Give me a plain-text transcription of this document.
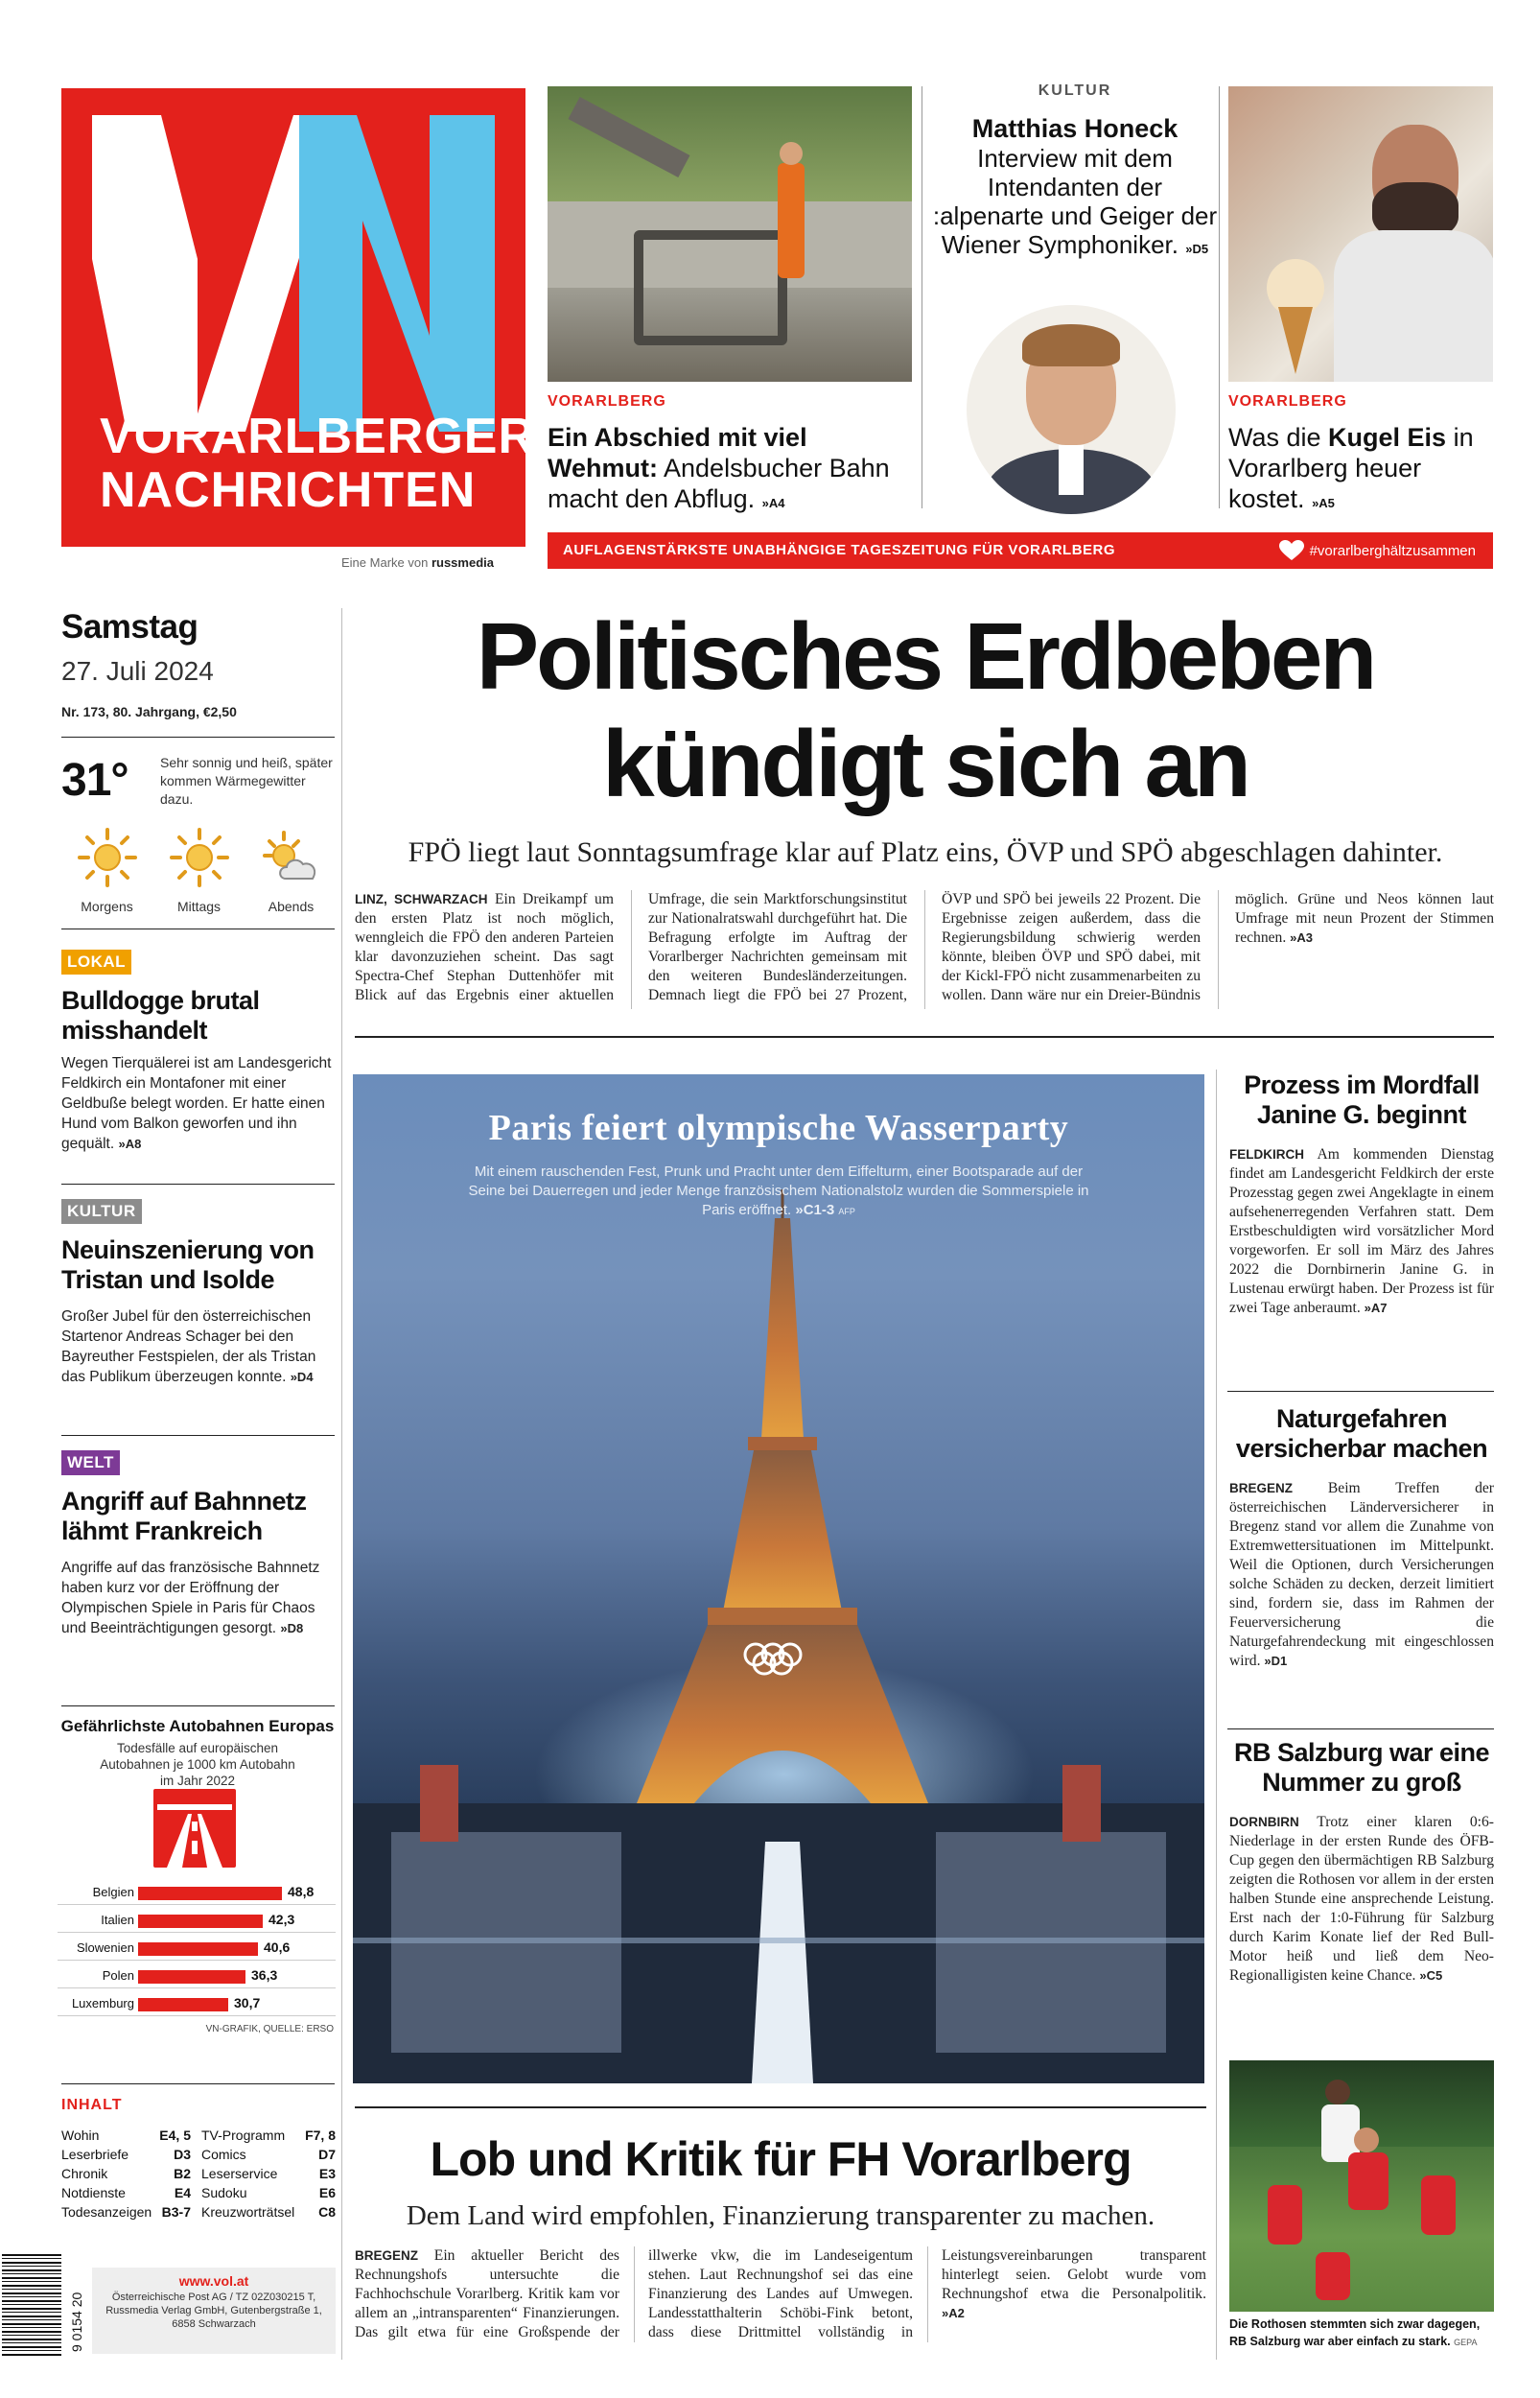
VORARLBERGER
NACHRICHTEN
Eine Marke von russmedia
VORARLBERG
Ein Abschied mit viel Wehmut: Andelsbucher Bahn macht den Abflug. »A4
KULTUR
Matthias Honeck
Interview mit dem Intendanten der :alpenarte und Geiger der Wiener Symphoniker. »D5
VORARLBERG
Was die Kugel Eis in Vorarlberg heuer kostet. »A5
AUFLAGENSTÄRKSTE UNABHÄNGIGE TAGESZEITUNG FÜR VORARLBERG	#vorarlberghältzusammen
Samstag
27. Juli 2024
Nr. 173, 80. Jahrgang, €2,50
31° Sehr sonnig und heiß, später kommen Wärmegewitter dazu.
Morgens	Mittags	Abends
LOKAL
Bulldogge brutal misshandelt
Wegen Tierquälerei ist am Landesgericht Feldkirch ein Montafoner mit einer Geldbuße belegt worden. Er hatte einen Hund vom Balkon geworfen und ihn gequält. »A8
KULTUR
Neuinszenierung von Tristan und Isolde
Großer Jubel für den österreichischen Startenor Andreas Schager bei den Bayreuther Festspielen, der als Tristan das Publikum überzeugen konnte. »D4
WELT
Angriff auf Bahnnetz lähmt Frankreich
Angriffe auf das französische Bahnnetz haben kurz vor der Eröffnung der Olympischen Spiele in Paris für Chaos und Beeinträchtigungen gesorgt. »D8
Gefährlichste Autobahnen Europas
Todesfälle auf europäischen Autobahnen je 1000 km Autobahn im Jahr 2022
Belgien	48,8
Italien	42,3
Slowenien	40,6
Polen	36,3
Luxemburg	30,7
VN-GRAFIK, QUELLE: ERSO
INHALT
Wohin	E4, 5
Leserbriefe	D3
Chronik	B2
Notdienste	E4
Todesanzeigen B3-7
TV-Programm F7, 8
Comics	D7
Leserservice	E3
Sudoku	E6
Kreuzworträtsel C8
9 0154 20
www.vol.at
Österreichische Post AG / TZ 02Z030215 T, Russmedia Verlag GmbH, Gutenbergstraße 1, 6858 Schwarzach
Politisches Erdbeben
kündigt sich an
FPÖ liegt laut Sonntagsumfrage klar auf Platz eins, ÖVP und SPÖ abgeschlagen dahinter.
LINZ, SCHWARZACH Ein Dreikampf um den ersten Platz ist noch möglich, wenngleich die FPÖ den anderen Parteien klar davonzuziehen scheint. Das sagt Spectra-Chef Stephan Duttenhöfer mit Blick auf das Ergebnis einer aktuellen Umfrage, die sein Marktforschungsinstitut zur Nationalratswahl durchgeführt hat. Die Befragung erfolgte im Auftrag der Vorarlberger Nachrichten gemeinsam mit den weiteren Bundesländerzeitungen. Demnach liegt die FPÖ bei 27 Prozent, ÖVP und SPÖ bei jeweils 22 Prozent. Die Ergebnisse zeigen außerdem, dass die Regierungsbildung schwierig werden könnte, bleiben ÖVP und SPÖ dabei, mit der Kickl-FPÖ nicht zusammenarbeiten zu wollen. Dann wäre nur ein Dreier-Bündnis möglich. Grüne und Neos können laut Umfrage mit neun Prozent der Stimmen rechnen. »A3
Paris feiert olympische Wasserparty
Mit einem rauschenden Fest, Prunk und Pracht unter dem Eiffelturm, einer Bootsparade auf der Seine bei Dauerregen und jeder Menge französischem Nationalstolz wurden die Sommerspiele in Paris eröffnet. »C1-3 AFP
Lob und Kritik für FH Vorarlberg
Dem Land wird empfohlen, Finanzierung transparenter zu machen.
BREGENZ Ein aktueller Bericht des Rechnungshofs untersuchte die Fachhochschule Vorarlberg. Kritik kam vor allem an „intransparenten“ Finanzierungen. Das gilt etwa für eine Großspende der illwerke vkw, die im Landeseigentum stehen. Laut Rechnungshof sei das eine Finanzierung des Landes auf Umwegen. Landesstatthalterin Schöbi-Fink betont, dass diese Drittmittel vollständig in Leistungsvereinbarungen transparent hinterlegt seien. Gelobt wurde vom Rechnungshof etwa die Personalpolitik. »A2
Prozess im Mordfall Janine G. beginnt
FELDKIRCH Am kommenden Dienstag findet am Landesgericht Feldkirch der erste Prozesstag gegen zwei Angeklagte in einem aufsehenerregenden Verfahren statt. Dem Erstbeschuldigten wird vorsätzlicher Mord vorgeworfen. Er soll im März des Jahres 2022 die Dornbirnerin Janine G. in Lustenau erwürgt haben. Der Prozess ist für zwei Tage anberaumt. »A7
Naturgefahren versicherbar machen
BREGENZ Beim Treffen der österreichischen Länderversicherer in Bregenz stand vor allem die Zunahme von Extremwettersituationen im Mittelpunkt. Weil die Optionen, durch Versicherungen solche Schäden zu decken, derzeit limitiert sind, fordern sie, dass im Rahmen der Feuerversicherung die Naturgefahrendeckung mit eingeschlossen wird. »D1
RB Salzburg war eine Nummer zu groß
DORNBIRN Trotz einer klaren 0:6-Niederlage in der ersten Runde des ÖFB-Cup gegen den übermächtigen RB Salzburg zeigten die Rothosen vor allem in der ersten halben Stunde eine ansprechende Leistung. Erst nach der 1:0-Führung für Salzburg durch Karim Konate lief der Red Bull-Motor heiß und ließ dem Neo-Regionalligisten keine Chance. »C5
Die Rothosen stemmten sich zwar dagegen,
RB Salzburg war aber einfach zu stark. GEPA
